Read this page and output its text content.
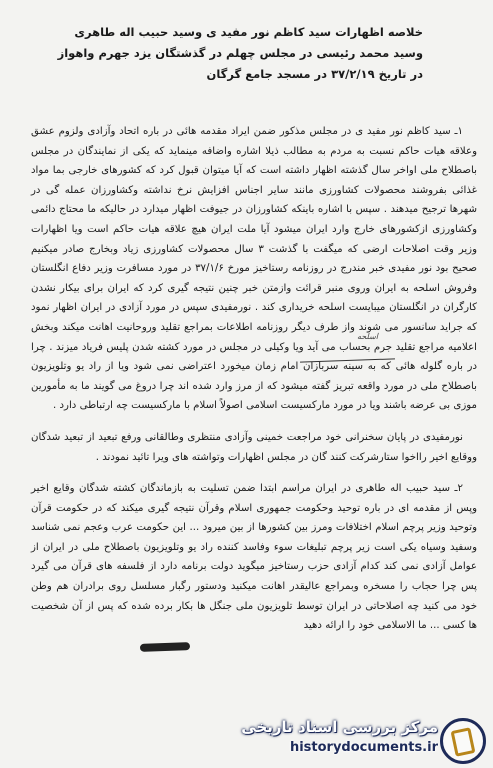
خلاصه اظهارات سید کاظم نور مفید ی وسید حبیب اله طاهری
وسید محمد رئیسی در مجلس چهلم در گذشتگان یزد جهرم واهواز
در تاریخ ۳۷/۲/۱۹ در مسجد جامع گرگان

۱ـ سید کاظم نور مفید ی در مجلس مذکور ضمن ایراد مقدمه هائی در باره اتحاد وآزادی ولزوم عشق وعلاقه هیات حاکم نسبت به مردم به مطالب ذیلا اشاره واضافه مینماید که یکی از نمایندگان در مجلس باصطلاح ملی اواخر سال گذشته اظهار داشته است که آیا میتوان قبول کرد که کشورهای خارجی بما مواد غذائی بفروشند محصولات کشاورزی مانند سایر اجناس افزایش نرخ نداشته وکشاورزان عمله گی در شهرها ترجیح میدهند . سپس با اشاره باینکه کشاورزان در جیوفت اظهار میدارد در حالیکه ما محتاج دائمی وکشاورزی ازکشورهای خارج وارد ایران میشود آیا ملت ایران هیچ علاقه هیات حاکم است ویا اظهارات وزیر وقت اصلاحات ارضی که میگفت با گذشت ۳ سال محصولات کشاورزی زیاد وبخارج صادر میکنیم صحیح بود نور مفیدی خبر مندرج در روزنامه رستاخیز مورخ ۳۷/۱/۶ در مورد مسافرت وزیر دفاع انگلستان وفروش اسلحه به ایران وروی منبر قرائت وازمتن خبر چنین نتیجه گیری کرد که ایران برای بیکار نشدن کارگران در انگلستان میبایست اسلحه خریداری کند . نورمفیدی سپس در مورد آزادی در ایران اظهار نمود که جراید سانسور می شوند واز طرف دیگر روزنامه اطلاعات بمراجع تقلید وروحانیت اهانت میکند وبخش اعلامیه مراجع تقلید جرم بحساب می آید ویا وکیلی در مجلس در مورد کشته شدن پلیس فریاد میزند . چرا در باره گلوله هائی که به سینه سربازان امام زمان میخورد اعتراضی نمی شود ویا از راد یو وتلویزیون باصطلاح ملی در مورد واقعه تبریز گفته میشود که از مرز وارد شده اند چرا دروغ می گویند ما به مأمورین موزی بی عرضه باشند ویا در مورد مارکسیست اسلامی اصولاً اسلام با مارکسیست چه ارتباطی دارد .

نورمفیدی در پایان سخنرانی خود مراجعت خمینی وآزادی منتظری وطالقانی ورفع تبعید از تبعید شدگان ووقایع اخیر رااخوا ستارشرکت کنند گان در مجلس اظهارات وتواشته های ویرا تائید نمودند .

۲ـ سید حبیب اله طاهری در ایران مراسم ابتدا ضمن تسلیت به بازماندگان کشته شدگان وقایع اخیر وپس از مقدمه ای در باره توحید وحکومت جمهوری اسلام وقرآن نتیجه گیری میکند که در حکومت قرآن وتوحید وزیر پرچم اسلام اختلافات ومرز بین کشورها از بین میرود ... این حکومت عرب وعجم نمی شناسد وسفید وسیاه یکی است زیر پرچم تبلیغات سوء وفاسد کننده راد یو وتلویزیون باصطلاح ملی در ایران از عوامل آزادی نمی کند کدام آزادی حزب رستاخیز میگوید دولت برنامه دارد از فلسفه های قرآن می گیرد پس چرا حجاب را مسخره وبمراجع عالیقدر اهانت میکنید ودستور رگبار مسلسل روی برادران هم وطن خود می کنید چه اصلاحاتی در ایران توسط تلویزیون ملی جنگل ها بکار برده شده که پس از آن شخصیت ها کسی ... ما الاسلامی خود را ارائه دهید

اسلحه
مرکز بررسی اسناد تاریخی
historydocuments.ir
